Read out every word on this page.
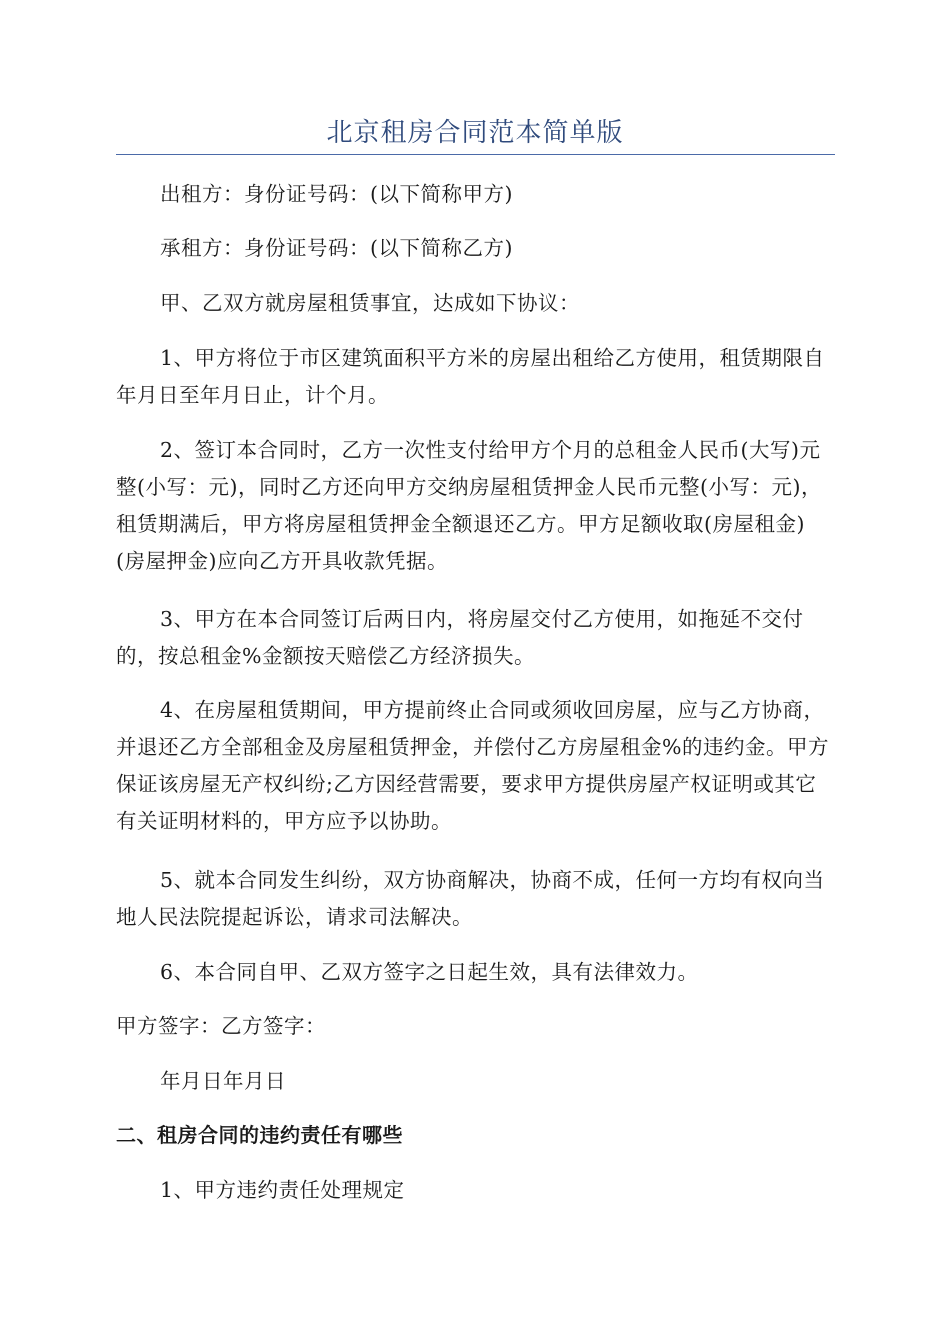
北京租房合同范本简单版

出租方：身份证号码：(以下简称甲方)

承租方：身份证号码：(以下简称乙方)

甲、乙双方就房屋租赁事宜，达成如下协议：

1、甲方将位于市区建筑面积平方米的房屋出租给乙方使用，租赁期限自年月日至年月日止，计个月。

2、签订本合同时，乙方一次性支付给甲方个月的总租金人民币(大写)元整(小写：元)，同时乙方还向甲方交纳房屋租赁押金人民币元整(小写：元)，租赁期满后，甲方将房屋租赁押金全额退还乙方。甲方足额收取(房屋租金)(房屋押金)应向乙方开具收款凭据。

3、甲方在本合同签订后两日内，将房屋交付乙方使用，如拖延不交付的，按总租金%金额按天赔偿乙方经济损失。

4、在房屋租赁期间，甲方提前终止合同或须收回房屋，应与乙方协商，并退还乙方全部租金及房屋租赁押金，并偿付乙方房屋租金%的违约金。甲方保证该房屋无产权纠纷;乙方因经营需要，要求甲方提供房屋产权证明或其它有关证明材料的，甲方应予以协助。

5、就本合同发生纠纷，双方协商解决，协商不成，任何一方均有权向当地人民法院提起诉讼，请求司法解决。

6、本合同自甲、乙双方签字之日起生效，具有法律效力。

甲方签字：乙方签字：

年月日年月日

二、租房合同的违约责任有哪些

1、甲方违约责任处理规定
